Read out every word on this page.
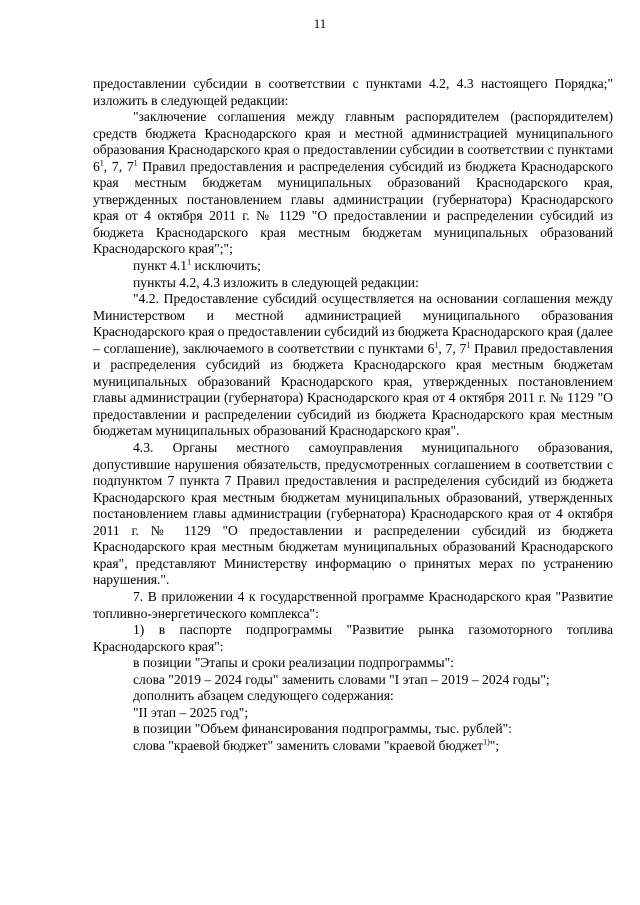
11

предоставлении субсидии в соответствии с пунктами 4.2, 4.3 настоящего Порядка;" изложить в следующей редакции:

"заключение соглашения между главным распорядителем (распорядителем) средств бюджета Краснодарского края и местной администрацией муниципального образования Краснодарского края о предоставлении субсидии в соответствии с пунктами $6^1$, 7, $7^1$ Правил предоставления и распределения субсидий из бюджета Краснодарского края местным бюджетам муниципальных образований Краснодарского края, утвержденных постановлением главы администрации (губернатора) Краснодарского края от 4 октября 2011 г. № 1129 "О предоставлении и распределении субсидий из бюджета Краснодарского края местным бюджетам муниципальных образований Краснодарского края";";

пункт $4.1^1$ исключить;

пункты 4.2, 4.3 изложить в следующей редакции:

"4.2. Предоставление субсидий осуществляется на основании соглашения между Министерством и местной администрацией муниципального образования Краснодарского края о предоставлении субсидий из бюджета Краснодарского края (далее – соглашение), заключаемого в соответствии с пунктами $6^1$, 7, $7^1$ Правил предоставления и распределения субсидий из бюджета Краснодарского края местным бюджетам муниципальных образований Краснодарского края, утвержденных постановлением главы администрации (губернатора) Краснодарского края от 4 октября 2011 г. № 1129 "О предоставлении и распределении субсидий из бюджета Краснодарского края местным бюджетам муниципальных образований Краснодарского края".

4.3. Органы местного самоуправления муниципального образования, допустившие нарушения обязательств, предусмотренных соглашением в соответствии с подпунктом 7 пункта 7 Правил предоставления и распределения субсидий из бюджета Краснодарского края местным бюджетам муниципальных образований, утвержденных постановлением главы администрации (губернатора) Краснодарского края от 4 октября 2011 г. № 1129 "О предоставлении и распределении субсидий из бюджета Краснодарского края местным бюджетам муниципальных образований Краснодарского края", представляют Министерству информацию о принятых мерах по устранению нарушения.".

7. В приложении 4 к государственной программе Краснодарского края "Развитие топливно-энергетического комплекса":

1) в паспорте подпрограммы "Развитие рынка газомоторного топлива Краснодарского края":

в позиции "Этапы и сроки реализации подпрограммы":

слова "2019 – 2024 годы" заменить словами "I этап – 2019 – 2024 годы";

дополнить абзацем следующего содержания:

"II этап – 2025 год";

в позиции "Объем финансирования подпрограммы, тыс. рублей":

слова "краевой бюджет" заменить словами "краевой бюджет$^{1)}$";
